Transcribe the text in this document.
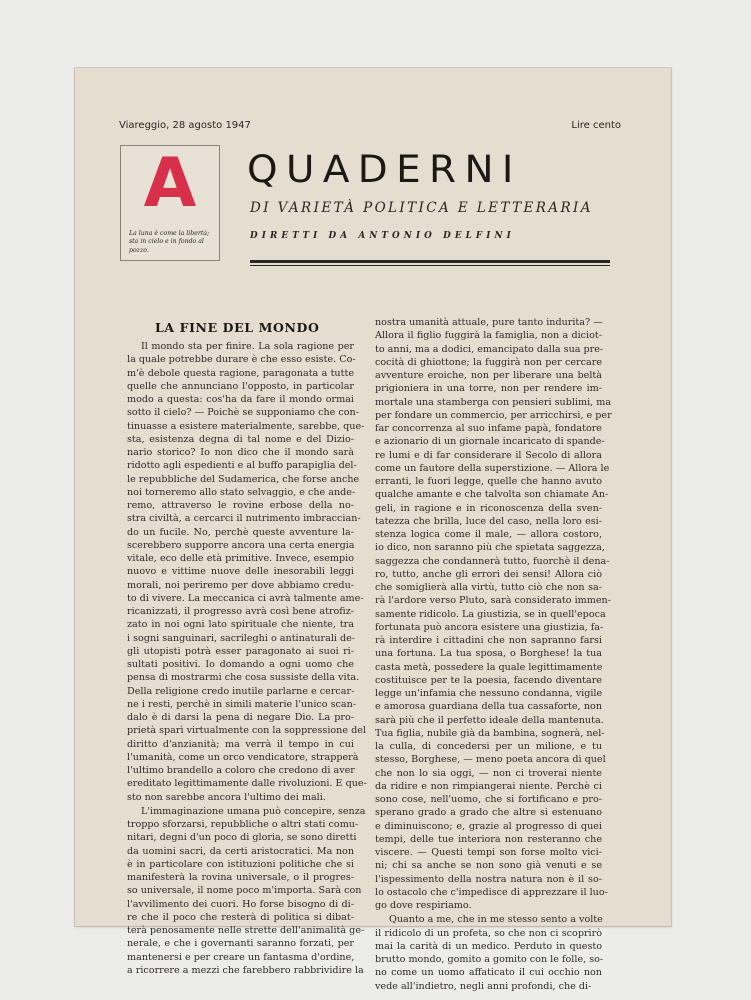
Viareggio, 28 agosto 1947	Lire cento
A
La luna è come la libertà; sta in cielo e in fondo al pozzo.
QUADERNI
DI VARIETÀ POLITICA E LETTERARIA
DIRETTI DA ANTONIO DELFINI
LA FINE DEL MONDO

Il mondo sta per finire. La sola ragione per
la quale potrebbe durare è che esso esiste. Co-
m'è debole questa ragione, paragonata a tutte
quelle che annunciano l'opposto, in particolar
modo a questa: cos'ha da fare il mondo ormai
sotto il cielo? — Poichè se supponiamo che con-
tinuasse a esistere materialmente, sarebbe, que-
sta, esistenza degna di tal nome e del Dizio-
nario storico? Io non dico che il mondo sarà
ridotto agli espedienti e al buffo parapiglia del-
le repubbliche del Sudamerica, che forse anche
noi torneremo allo stato selvaggio, e che ande-
remo, attraverso le rovine erbose della no-
stra civiltà, a cercarci il nutrimento imbraccian-
do un fucile. No, perchè queste avventure la-
scerebbero supporre ancora una certa energia
vitale, eco delle età primitive. Invece, esempio
nuovo e vittime nuove delle inesorabili leggi
morali, noi periremo per dove abbiamo credu-
to di vivere. La meccanica ci avrà talmente ame-
ricanizzati, il progresso avrà così bene atrofiz-
zato in noi ogni lato spirituale che niente, tra
i sogni sanguinari, sacrileghi o antinaturali de-
gli utopisti potrà esser paragonato ai suoi ri-
sultati positivi. Io domando a ogni uomo che
pensa di mostrarmi che cosa sussiste della vita.
Della religione credo inutile parlarne e cercar-
ne i resti, perchè in simili materie l'unico scan-
dalo è di darsi la pena di negare Dio. La pro-
prietà sparì virtualmente con la soppressione del
diritto d'anzianità; ma verrà il tempo in cui
l'umanità, come un orco vendicatore, strapperà
l'ultimo brandello a coloro che credono di aver
ereditato legittimamente dalle rivoluzioni. E que-
sto non sarebbe ancora l'ultimo dei mali.

L'immaginazione umana può concepire, senza
troppo sforzarsi, repubbliche o altri stati comu-
nitari, degni d'un poco di gloria, se sono diretti
da uomini sacri, da certi aristocratici. Ma non
è in particolare con istituzioni politiche che si
manifesterà la rovina universale, o il progres-
so universale, il nome poco m'importa. Sarà con
l'avvilimento dei cuori. Ho forse bisogno di di-
re che il poco che resterà di politica si dibat-
terà penosamente nelle strette dell'animalità ge-
nerale, e che i governanti saranno forzati, per
mantenersi e per creare un fantasma d'ordine,
a ricorrere a mezzi che farebbero rabbrividire la

nostra umanità attuale, pure tanto indurita? —
Allora il figlio fuggirà la famiglia, non a diciot-
to anni, ma a dodici, emancipato dalla sua pre-
cocità di ghiottone; la fuggirà non per cercare
avventure eroiche, non per liberare una beltà
prigioniera in una torre, non per rendere im-
mortale una stamberga con pensieri sublimi, ma
per fondare un commercio, per arricchirsi, e per
far concorrenza al suo infame papà, fondatore
e azionario di un giornale incaricato di spande-
re lumi e di far considerare il Secolo di allora
come un fautore della superstizione. — Allora le
erranti, le fuori legge, quelle che hanno avuto
qualche amante e che talvolta son chiamate An-
geli, in ragione e in riconoscenza della sven-
tatezza che brilla, luce del caso, nella loro esi-
stenza logica come il male, — allora costoro,
io dico, non saranno più che spietata saggezza,
saggezza che condannerà tutto, fuorchè il dena-
ro, tutto, anche gli errori dei sensi! Allora ciò
che somiglierà alla virtù, tutto ciò che non sa-
rà l'ardore verso Pluto, sarà considerato immen-
samente ridicolo. La giustizia, se in quell'epoca
fortunata può ancora esistere una giustizia, fa-
rà interdire i cittadini che non sapranno farsi
una fortuna. La tua sposa, o Borghese! la tua
casta metà, possedere la quale legittimamente
costituisce per te la poesia, facendo diventare
legge un'infamia che nessuno condanna, vigile
e amorosa guardiana della tua cassaforte, non
sarà più che il perfetto ideale della mantenuta.
Tua figlia, nubile già da bambina, sognerà, nel-
la culla, di concedersi per un milione, e tu
stesso, Borghese, — meno poeta ancora di quel
che non lo sia oggi, — non ci troverai niente
da ridire e non rimpiangerai niente. Perchè ci
sono cose, nell'uomo, che si fortificano e pro-
sperano grado a grado che altre si estenuano
e diminuiscono; e, grazie al progresso di quei
tempi, delle tue interiora non resteranno che
viscere. — Questi tempi son forse molto vici-
ni; chi sa anche se non sono già venuti e se
l'ispessimento della nostra natura non è il so-
lo ostacolo che c'impedisce di apprezzare il luo-
go dove respiriamo.

Quanto a me, che in me stesso sento a volte
il ridicolo di un profeta, so che non ci scoprirò
mai la carità di un medico. Perduto in questo
brutto mondo, gomito a gomito con le folle, so-
no come un uomo affaticato il cui occhio non
vede all'indietro, negli anni profondi, che di-
